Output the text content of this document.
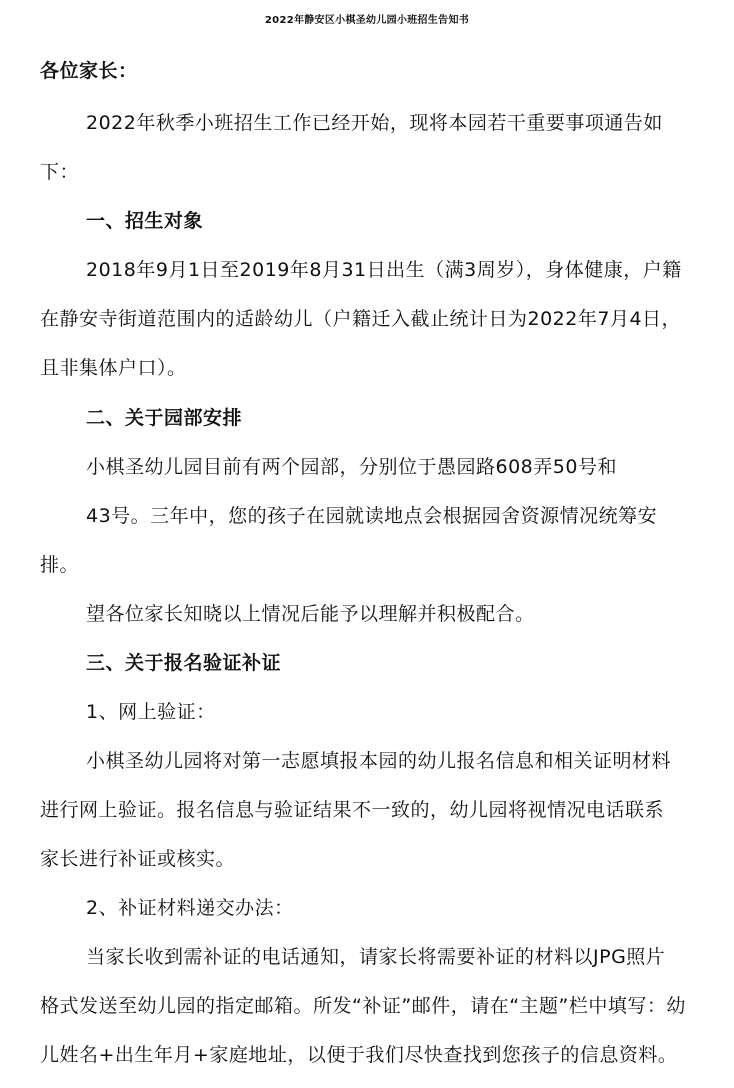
2022年静安区小棋圣幼儿园小班招生告知书
各位家长：
2022年秋季小班招生工作已经开始，现将本园若干重要事项通告如
下：
一、招生对象
2018年9月1日至2019年8月31日出生（满3周岁），身体健康，户籍
在静安寺街道范围内的适龄幼儿（户籍迁入截止统计日为2022年7月4日，
且非集体户口）。
二、关于园部安排
小棋圣幼儿园目前有两个园部，分别位于愚园路608弄50号和
43号。三年中，您的孩子在园就读地点会根据园舍资源情况统筹安
排。
望各位家长知晓以上情况后能予以理解并积极配合。
三、关于报名验证补证
1、网上验证：
小棋圣幼儿园将对第一志愿填报本园的幼儿报名信息和相关证明材料
进行网上验证。报名信息与验证结果不一致的，幼儿园将视情况电话联系
家长进行补证或核实。
2、补证材料递交办法：
当家长收到需补证的电话通知，请家长将需要补证的材料以JPG照片
格式发送至幼儿园的指定邮箱。所发“补证”邮件，请在“主题”栏中填写：幼
儿姓名+出生年月+家庭地址，以便于我们尽快查找到您孩子的信息资料。
